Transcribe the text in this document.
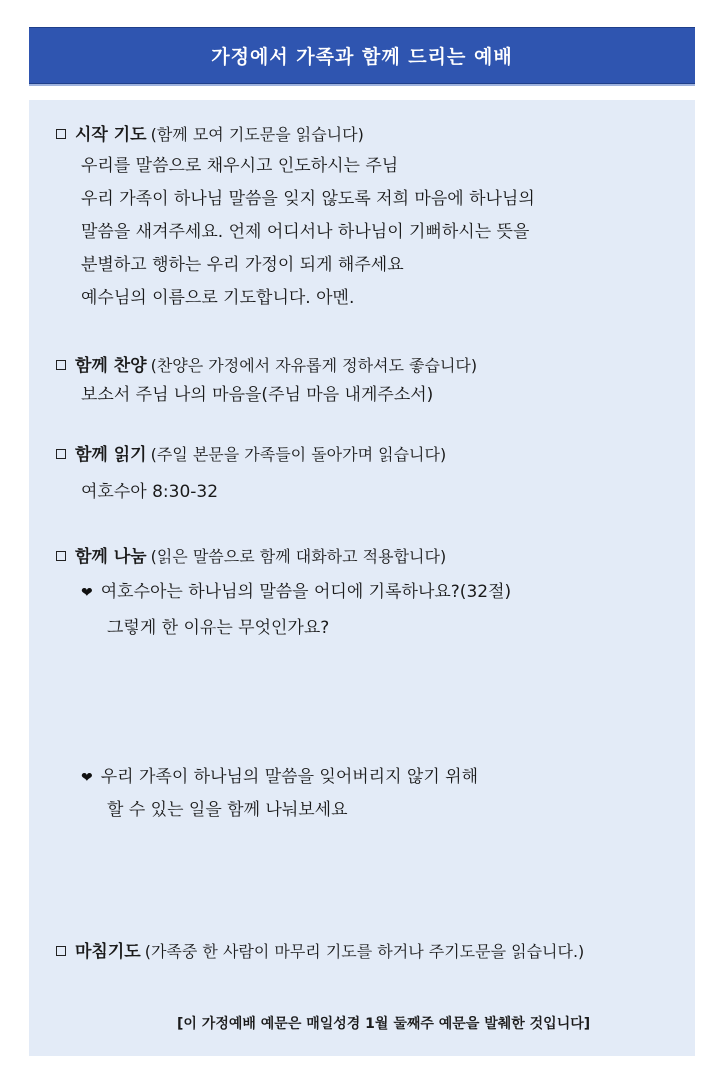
가정에서 가족과 함께 드리는 예배
시작 기도 (함께 모여 기도문을 읽습니다)
우리를 말씀으로 채우시고 인도하시는 주님
우리 가족이 하나님 말씀을 잊지 않도록 저희 마음에 하나님의
말씀을 새겨주세요. 언제 어디서나 하나님이 기뻐하시는 뜻을
분별하고 행하는 우리 가정이 되게 해주세요
예수님의 이름으로 기도합니다. 아멘.
함께 찬양 (찬양은 가정에서 자유롭게 정하셔도 좋습니다)
보소서 주님 나의 마음을(주님 마음 내게주소서)
함께 읽기 (주일 본문을 가족들이 돌아가며 읽습니다)
여호수아 8:30-32
함께 나눔 (읽은 말씀으로 함께 대화하고 적용합니다)
❤ 여호수아는 하나님의 말씀을 어디에 기록하나요?(32절)
그렇게 한 이유는 무엇인가요?
❤ 우리 가족이 하나님의 말씀을 잊어버리지 않기 위해
할 수 있는 일을 함께 나눠보세요
마침기도 (가족중 한 사람이 마무리 기도를 하거나 주기도문을 읽습니다.)
[이 가정예배 예문은 매일성경 1월 둘째주 예문을 발췌한 것입니다]
